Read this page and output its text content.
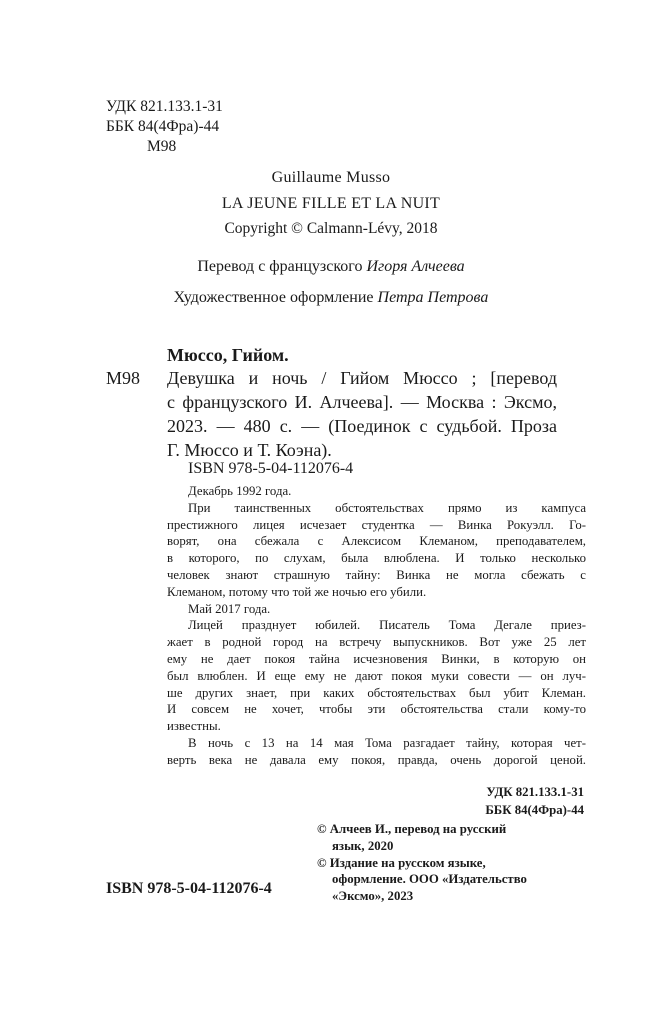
УДК 821.133.1-31
ББК 84(4Фра)-44
М98
Guillaume Musso
LA JEUNE FILLE ET LA NUIT
Copyright © Calmann-Lévy, 2018
Перевод с французского Игоря Алчеева
Художественное оформление Петра Петрова
Мюссо, Гийом.
М98 Девушка и ночь / Гийом Мюссо ; [перевод
с французского И. Алчеева]. — Москва : Эксмо,
2023. — 480 с. — (Поединок с судьбой. Проза
Г. Мюссо и Т. Коэна).
ISBN 978-5-04-112076-4
Декабрь 1992 года.
При таинственных обстоятельствах прямо из кампуса
престижного лицея исчезает студентка — Винка Рокуэлл. Го-
ворят, она сбежала с Алексисом Клеманом, преподавателем,
в которого, по слухам, была влюблена. И только несколько
человек знают страшную тайну: Винка не могла сбежать с
Клеманом, потому что той же ночью его убили.
Май 2017 года.
Лицей празднует юбилей. Писатель Тома Дегале приез-
жает в родной город на встречу выпускников. Вот уже 25 лет
ему не дает покоя тайна исчезновения Винки, в которую он
был влюблен. И еще ему не дают покоя муки совести — он луч-
ше других знает, при каких обстоятельствах был убит Клеман.
И совсем не хочет, чтобы эти обстоятельства стали кому-то
известны.
В ночь с 13 на 14 мая Тома разгадает тайну, которая чет-
верть века не давала ему покоя, правда, очень дорогой ценой.
УДК 821.133.1-31
ББК 84(4Фра)-44
ISBN 978-5-04-112076-4
© Алчеев И., перевод на русский
язык, 2020
© Издание на русском языке,
оформление. ООО «Издательство
«Эксмо», 2023
